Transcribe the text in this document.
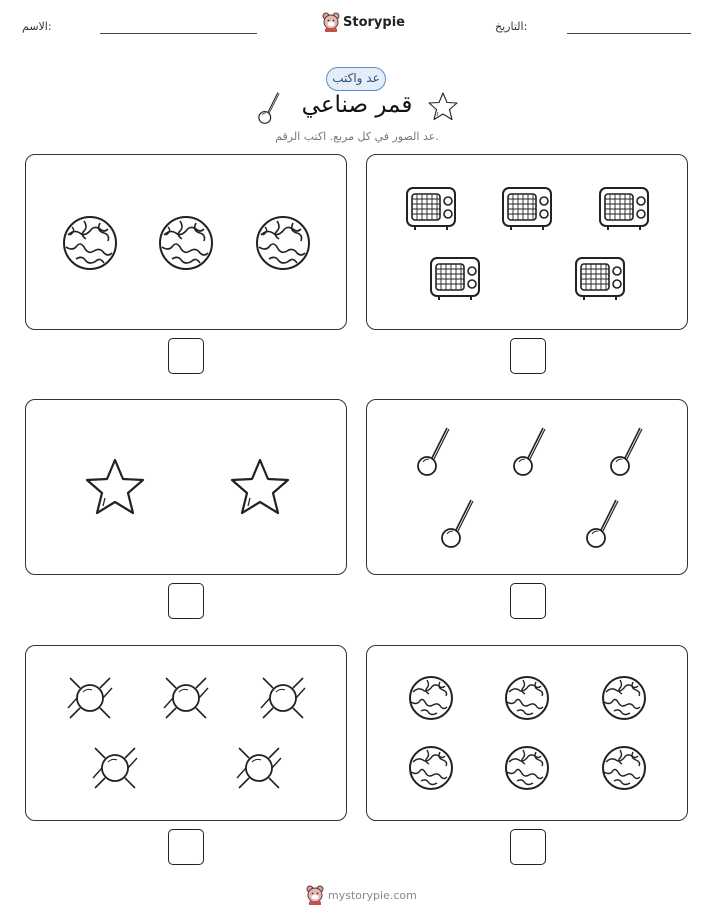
الاسم:	Storypie	التاريخ:
عد واكتب
قمر صناعي
عد الصور في كل مربع. اكتب الرقم.
mystorypie.com
